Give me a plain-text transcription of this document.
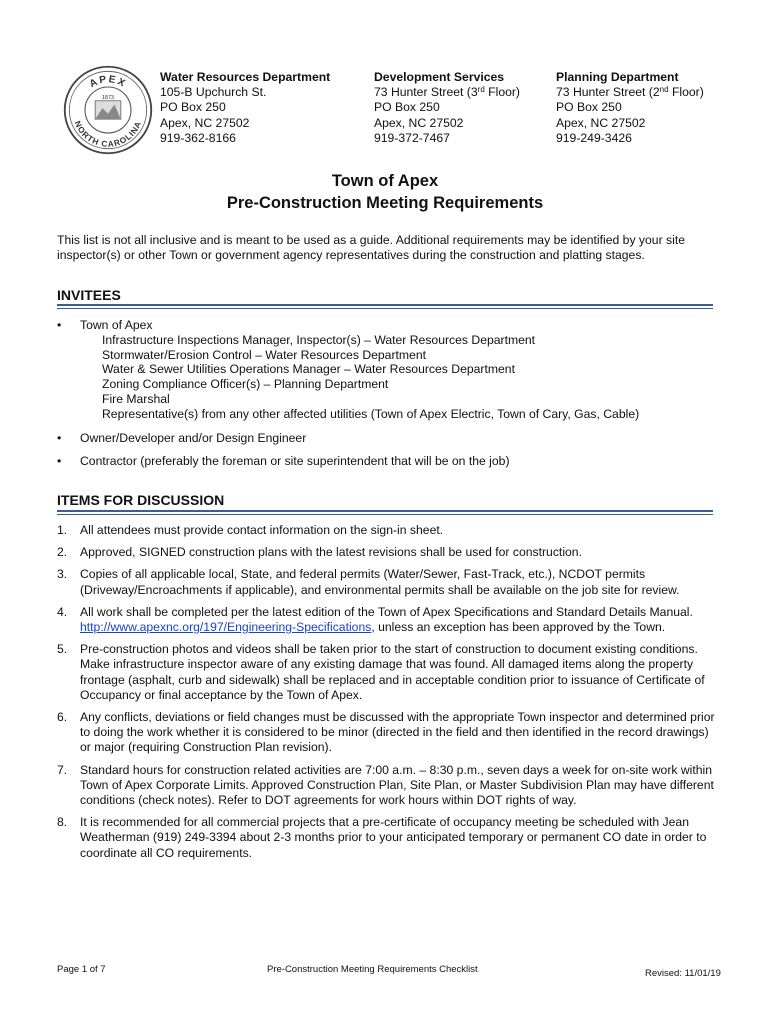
APEX
NORTH CAROLINA
1873
Water Resources Department
105-B Upchurch St.
PO Box 250
Apex, NC 27502
919-362-8166
Development Services
73 Hunter Street (3rd Floor)
PO Box 250
Apex, NC 27502
919-372-7467
Planning Department
73 Hunter Street (2nd Floor)
PO Box 250
Apex, NC 27502
919-249-3426
Town of Apex
Pre-Construction Meeting Requirements
This list is not all inclusive and is meant to be used as a guide. Additional requirements may be identified by your site inspector(s) or other Town or government agency representatives during the construction and platting stages.
INVITEES
• Town of Apex
Infrastructure Inspections Manager, Inspector(s) – Water Resources Department
Stormwater/Erosion Control – Water Resources Department
Water & Sewer Utilities Operations Manager – Water Resources Department
Zoning Compliance Officer(s) – Planning Department
Fire Marshal
Representative(s) from any other affected utilities (Town of Apex Electric, Town of Cary, Gas, Cable)
• Owner/Developer and/or Design Engineer
• Contractor (preferably the foreman or site superintendent that will be on the job)
ITEMS FOR DISCUSSION
1. All attendees must provide contact information on the sign-in sheet.
2. Approved, SIGNED construction plans with the latest revisions shall be used for construction.
3. Copies of all applicable local, State, and federal permits (Water/Sewer, Fast-Track, etc.), NCDOT permits (Driveway/Encroachments if applicable), and environmental permits shall be available on the job site for review.
4. All work shall be completed per the latest edition of the Town of Apex Specifications and Standard Details Manual. http://www.apexnc.org/197/Engineering-Specifications, unless an exception has been approved by the Town.
5. Pre-construction photos and videos shall be taken prior to the start of construction to document existing conditions. Make infrastructure inspector aware of any existing damage that was found. All damaged items along the property frontage (asphalt, curb and sidewalk) shall be replaced and in acceptable condition prior to issuance of Certificate of Occupancy or final acceptance by the Town of Apex.
6. Any conflicts, deviations or field changes must be discussed with the appropriate Town inspector and determined prior to doing the work whether it is considered to be minor (directed in the field and then identified in the record drawings) or major (requiring Construction Plan revision).
7. Standard hours for construction related activities are 7:00 a.m. – 8:30 p.m., seven days a week for on-site work within Town of Apex Corporate Limits. Approved Construction Plan, Site Plan, or Master Subdivision Plan may have different conditions (check notes). Refer to DOT agreements for work hours within DOT rights of way.
8. It is recommended for all commercial projects that a pre-certificate of occupancy meeting be scheduled with Jean Weatherman (919) 249-3394 about 2-3 months prior to your anticipated temporary or permanent CO date in order to coordinate all CO requirements.
Page 1 of 7	Pre-Construction Meeting Requirements Checklist	Revised: 11/01/19
